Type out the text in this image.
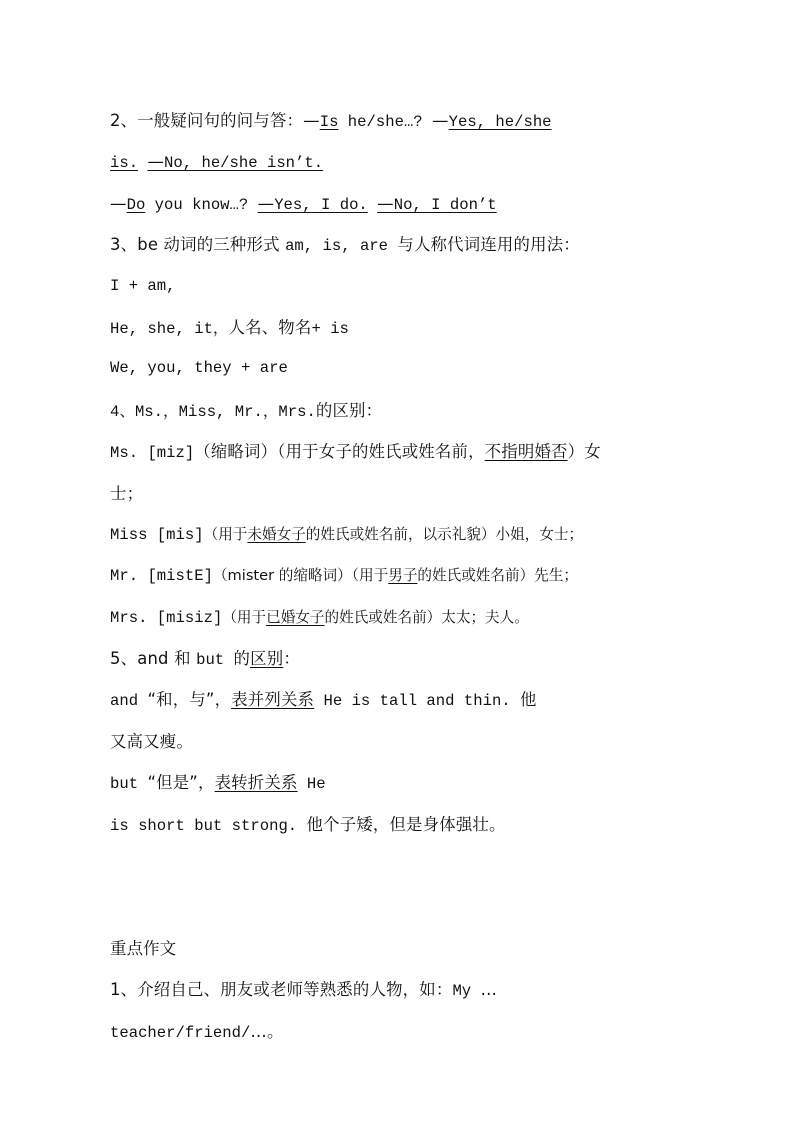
2、一般疑问句的问与答：—Is he/she…? —Yes, he/she
is. —No, he/she isn’t.
—Do you know…? —Yes, I do. —No, I don’t
3、be 动词的三种形式 am, is, are 与人称代词连用的用法：
I + am,
He, she, it，人名、物名+ is
We, you, they + are
4、Ms.，Miss, Mr.，Mrs.的区别：
Ms. [miz]（缩略词）（用于女子的姓氏或姓名前，不指明婚否）女
士；
Miss [mis]（用于未婚女子的姓氏或姓名前，以示礼貌）小姐，女士；
Mr. [mistE]（mister 的缩略词）（用于男子的姓氏或姓名前）先生；
Mrs. [misiz]（用于已婚女子的姓氏或姓名前）太太；夫人。
5、and 和 but 的区别：
and “和，与”，表并列关系 He is tall and thin. 他
又高又瘦。
but “但是”，表转折关系 He
is short but strong. 他个子矮，但是身体强壮。
重点作文
1、介绍自己、朋友或老师等熟悉的人物，如：My …
teacher/friend/…。
